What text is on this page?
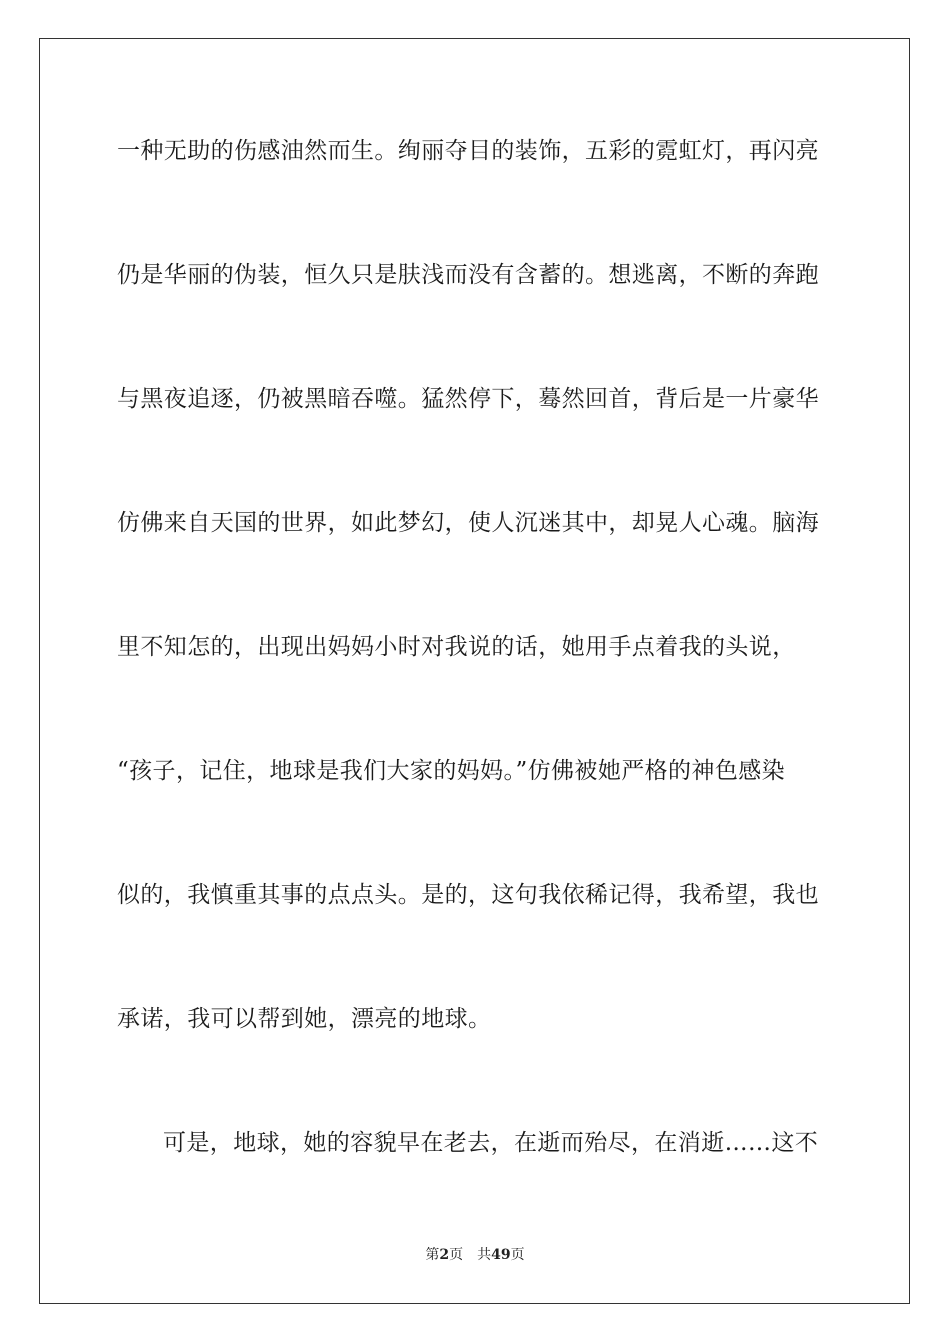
一种无助的伤感油然而生。绚丽夺目的装饰，五彩的霓虹灯，再闪亮
仍是华丽的伪装，恒久只是肤浅而没有含蓄的。想逃离，不断的奔跑
与黑夜追逐，仍被黑暗吞噬。猛然停下，蓦然回首，背后是一片豪华
仿佛来自天国的世界，如此梦幻，使人沉迷其中，却晃人心魂。脑海
里不知怎的，出现出妈妈小时对我说的话，她用手点着我的头说，
“孩子，记住，地球是我们大家的妈妈。”仿佛被她严格的神色感染
似的，我慎重其事的点点头。是的，这句我依稀记得，我希望，我也
承诺，我可以帮到她，漂亮的地球。
可是，地球，她的容貌早在老去，在逝而殆尽，在消逝……这不
第2页 共49页
